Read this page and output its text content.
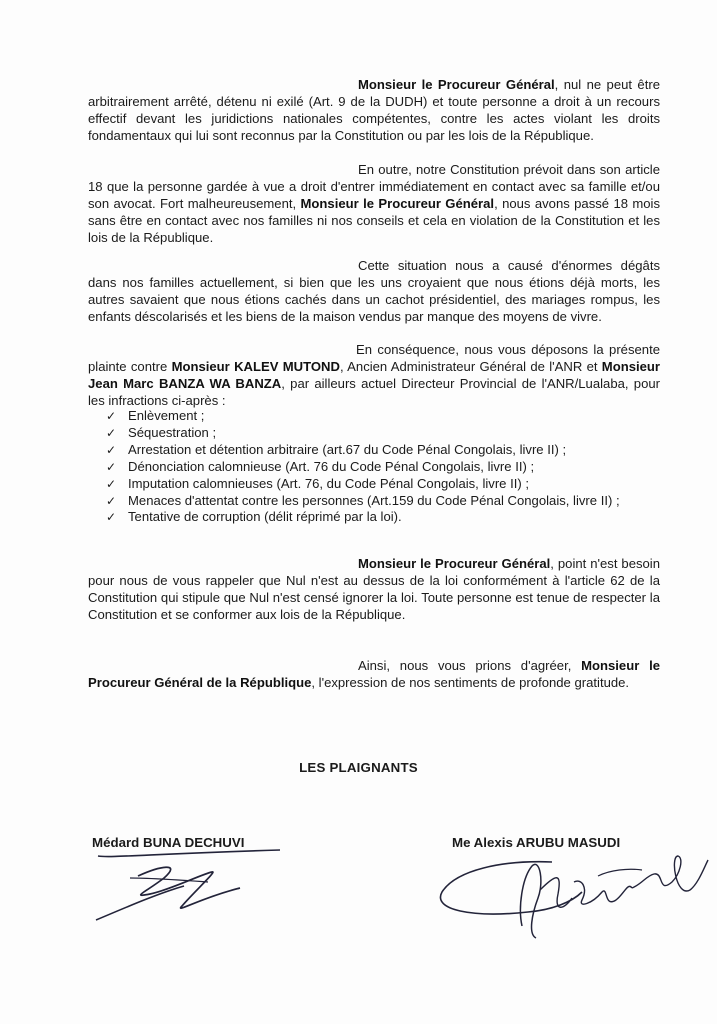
Monsieur le Procureur Général, nul ne peut être arbitrairement arrêté, détenu ni exilé (Art. 9 de la DUDH) et toute personne a droit à un recours effectif devant les juridictions nationales compétentes, contre les actes violant les droits fondamentaux qui lui sont reconnus par la Constitution ou par les lois de la République.
En outre, notre Constitution prévoit dans son article 18 que la personne gardée à vue a droit d'entrer immédiatement en contact avec sa famille et/ou son avocat. Fort malheureusement, Monsieur le Procureur Général, nous avons passé 18 mois sans être en contact avec nos familles ni nos conseils et cela en violation de la Constitution et les lois de la République.
Cette situation nous a causé d'énormes dégâts dans nos familles actuellement, si bien que les uns croyaient que nous étions déjà morts, les autres savaient que nous étions cachés dans un cachot présidentiel, des mariages rompus, les enfants déscolarisés et les biens de la maison vendus par manque des moyens de vivre.
En conséquence, nous vous déposons la présente plainte contre Monsieur KALEV MUTOND, Ancien Administrateur Général de l'ANR et Monsieur Jean Marc BANZA WA BANZA, par ailleurs actuel Directeur Provincial de l'ANR/Lualaba, pour les infractions ci-après :
✓ Enlèvement ;
✓ Séquestration ;
✓ Arrestation et détention arbitraire (art.67 du Code Pénal Congolais, livre II) ;
✓ Dénonciation calomnieuse (Art. 76 du Code Pénal Congolais, livre II) ;
✓ Imputation calomnieuses (Art. 76, du Code Pénal Congolais, livre II) ;
✓ Menaces d'attentat contre les personnes (Art.159 du Code Pénal Congolais, livre II) ;
✓ Tentative de corruption (délit réprimé par la loi).
Monsieur le Procureur Général, point n'est besoin pour nous de vous rappeler que Nul n'est au dessus de la loi conformément à l'article 62 de la Constitution qui stipule que Nul n'est censé ignorer la loi. Toute personne est tenue de respecter la Constitution et se conformer aux lois de la République.
Ainsi, nous vous prions d'agréer, Monsieur le Procureur Général de la République, l'expression de nos sentiments de profonde gratitude.
LES PLAIGNANTS
Médard BUNA DECHUVI	Me Alexis ARUBU MASUDI
